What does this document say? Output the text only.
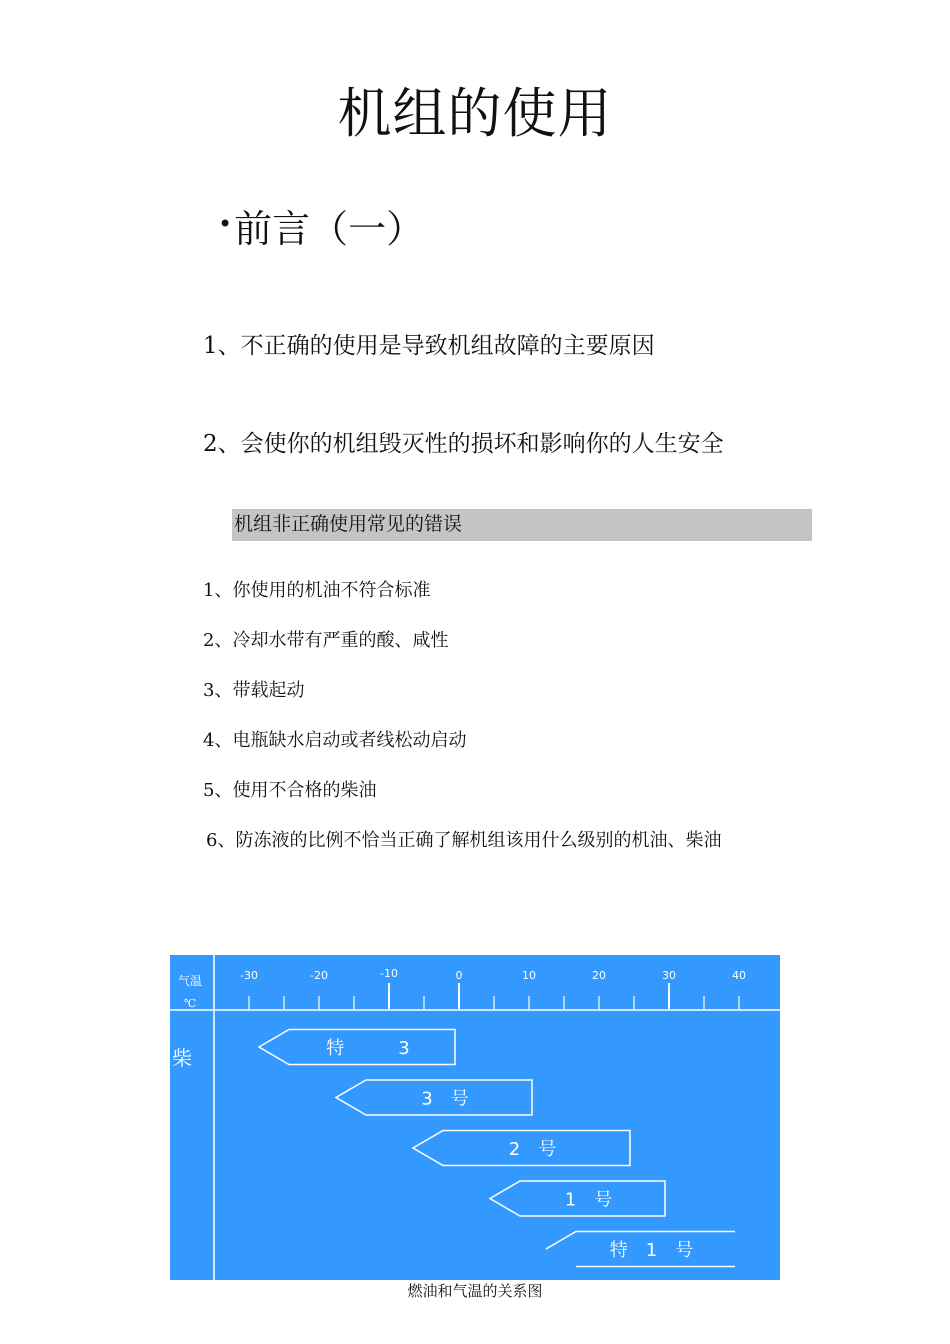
机组的使用
•前言（一）
1、不正确的使用是导致机组故障的主要原因
2、会使你的机组毁灭性的损坏和影响你的人生安全
机组非正确使用常见的错误
1、你使用的机油不符合标准
2、冷却水带有严重的酸、咸性
3、带载起动
4、电瓶缺水启动或者线松动启动
5、使用不合格的柴油
6、防冻液的比例不恰当正确了解机组该用什么级别的机油、柴油
气温
℃
柴
-30	-20	-10	0	10	20	30	40
特　　　3
3　号
2　号
1　号
特　1　号
燃油和气温的关系图
